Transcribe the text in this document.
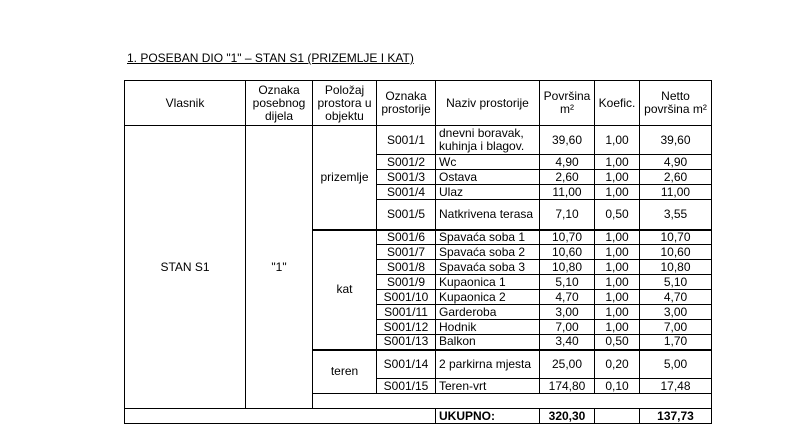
1. POSEBAN DIO "1" – STAN S1 (PRIZEMLJE I KAT)
Vlasnik	Oznaka posebnog dijela	Položaj prostora u objektu	Oznaka prostorije	Naziv prostorije	Površina m²	Koefic.	Netto površina m²
STAN S1	"1"	prizemlje	S001/1	dnevni boravak, kuhinja i blagov.	39,60	1,00	39,60
			S001/2	Wc	4,90	1,00	4,90
			S001/3	Ostava	2,60	1,00	2,60
			S001/4	Ulaz	11,00	1,00	11,00
			S001/5	Natkrivena terasa	7,10	0,50	3,55
		kat	S001/6	Spavaća soba 1	10,70	1,00	10,70
			S001/7	Spavaća soba 2	10,60	1,00	10,60
			S001/8	Spavaća soba 3	10,80	1,00	10,80
			S001/9	Kupaonica 1	5,10	1,00	5,10
			S001/10	Kupaonica 2	4,70	1,00	4,70
			S001/11	Garderoba	3,00	1,00	3,00
			S001/12	Hodnik	7,00	1,00	7,00
			S001/13	Balkon	3,40	0,50	1,70
		teren	S001/14	2 parkirna mjesta	25,00	0,20	5,00
			S001/15	Teren-vrt	174,80	0,10	17,48

				UKUPNO:	320,30		137,73
